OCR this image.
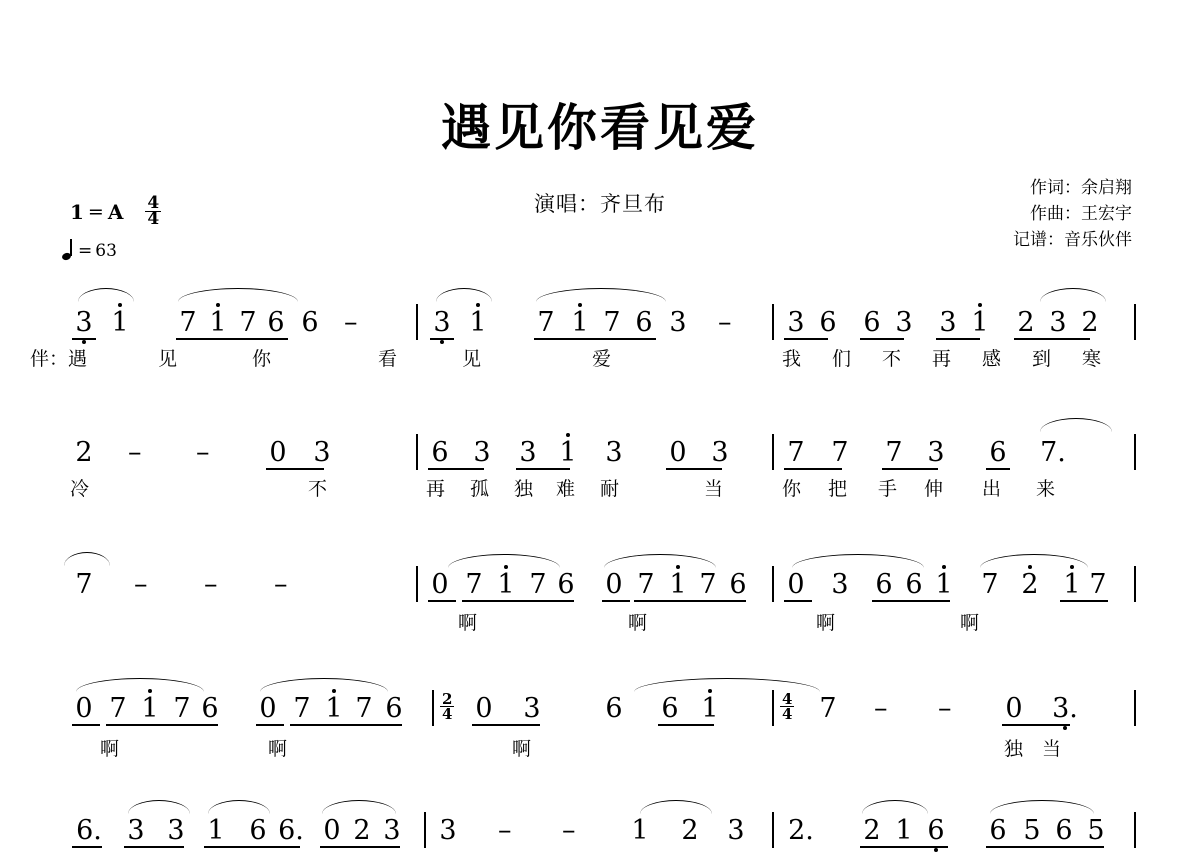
遇见你看见爱
演唱：齐旦布
作词：余启翔
作曲：王宏宇
记谱：音乐伙伴
1 = A $\frac{4}{4}$
= 63
3 1 7 1 7 6 6 –	3 1 7 1 7 6 3 – 3 6 6 3 3 1 2 3 2
伴：遇	见	你	看	见	爱	我 们 不 再 感 到 寒
2 – – 0 3	6 3 3 1 3 0 3 7 7 7 3 6 7.
冷	不	再 孤 独 难 耐	当	你 把 手 伸 出 来
7 – – –	0 7 1 7 6 0 7 1 7 6 0 3 6 6 1 7 2 1 7
啊	啊	啊	啊
0 7 1 7 6 0 7 1 7 $6 \frac{2}{4} 0$ 3 6 6 1	$\frac{4}{4} 7$ – – 0 3.
啊	啊	啊	独 当
6. 3 3 1 6 6. 0 2 3 3 – – 1 2 3 2. 2 1 6 6 5 6 5
